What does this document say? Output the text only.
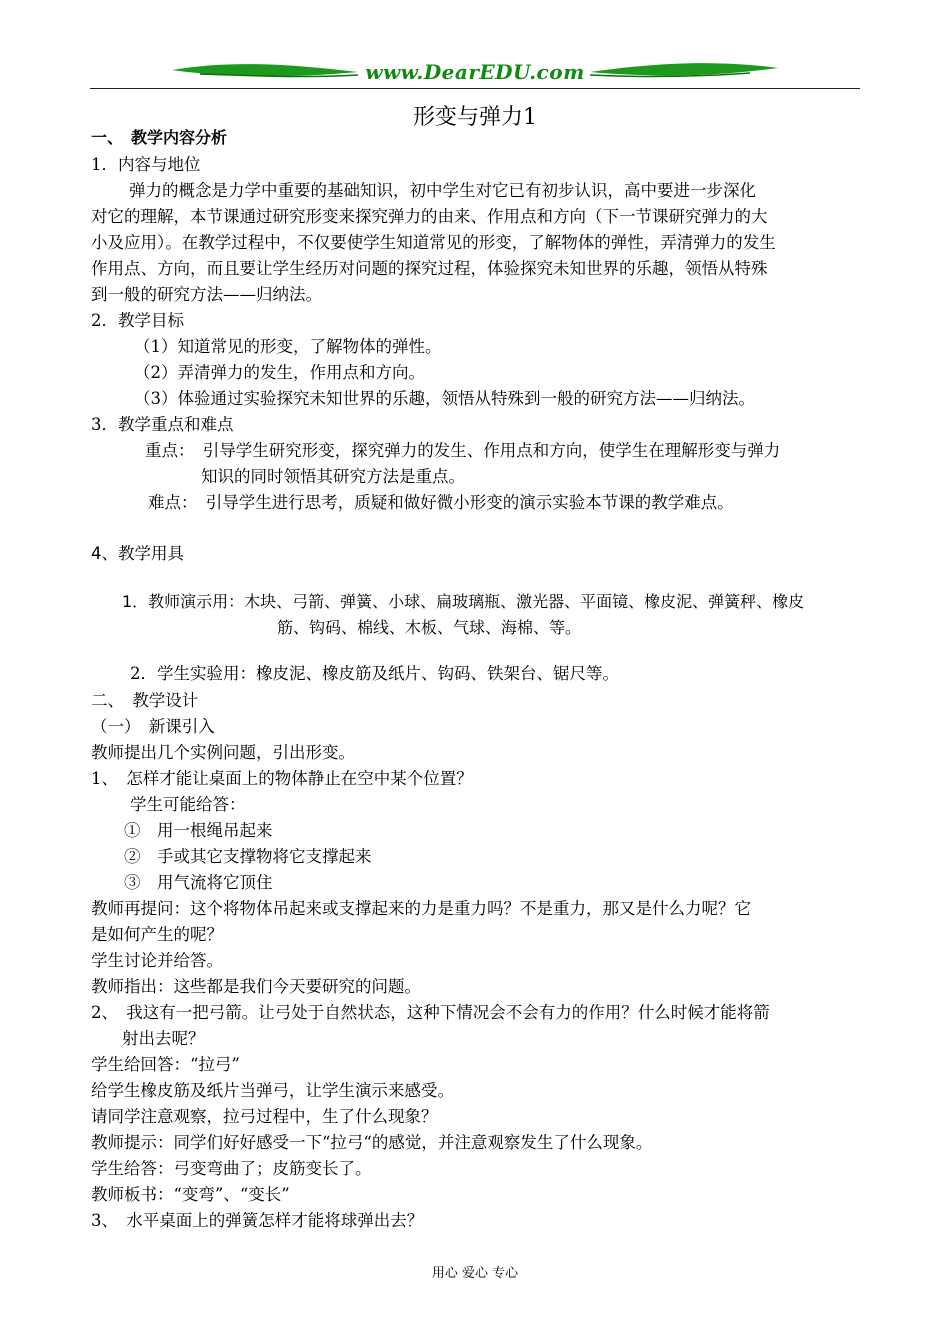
www.DearEDU.com
形变与弹力1
一、　教学内容分析
1．内容与地位
弹力的概念是力学中重要的基础知识，初中学生对它已有初步认识，高中要进一步深化
对它的理解，本节课通过研究形变来探究弹力的由来、作用点和方向（下一节课研究弹力的大
小及应用）。在教学过程中，不仅要使学生知道常见的形变，了解物体的弹性，弄清弹力的发生
作用点、方向，而且要让学生经历对问题的探究过程，体验探究未知世界的乐趣，领悟从特殊
到一般的研究方法——归纳法。
2．教学目标
（1）知道常见的形变，了解物体的弹性。
（2）弄清弹力的发生，作用点和方向。
（3）体验通过实验探究未知世界的乐趣，领悟从特殊到一般的研究方法——归纳法。
3．教学重点和难点
重点：　引导学生研究形变，探究弹力的发生、作用点和方向，使学生在理解形变与弹力
知识的同时领悟其研究方法是重点。
难点：　引导学生进行思考，质疑和做好微小形变的演示实验本节课的教学难点。
4、教学用具
1．教师演示用：木块、弓箭、弹簧、小球、扁玻璃瓶、激光器、平面镜、橡皮泥、弹簧秤、橡皮
筋、钩码、棉线、木板、气球、海棉、等。
2．学生实验用：橡皮泥、橡皮筋及纸片、钩码、铁架台、锯尺等。
二、　教学设计
（一）　新课引入
教师提出几个实例问题，引出形变。
1、　怎样才能让桌面上的物体静止在空中某个位置？
学生可能给答：
①　用一根绳吊起来
②　手或其它支撑物将它支撑起来
③　用气流将它顶住
教师再提问：这个将物体吊起来或支撑起来的力是重力吗？不是重力，那又是什么力呢？它
是如何产生的呢？
学生讨论并给答。
教师指出：这些都是我们今天要研究的问题。
2、　我这有一把弓箭。让弓处于自然状态，这种下情况会不会有力的作用？什么时候才能将箭
射出去呢？
学生给回答：“拉弓”
给学生橡皮筋及纸片当弹弓，让学生演示来感受。
请同学注意观察，拉弓过程中，生了什么现象？
教师提示：同学们好好感受一下“拉弓“的感觉，并注意观察发生了什么现象。
学生给答：弓变弯曲了；皮筋变长了。
教师板书：“变弯”、“变长”
3、　水平桌面上的弹簧怎样才能将球弹出去？
用心 爱心 专心
